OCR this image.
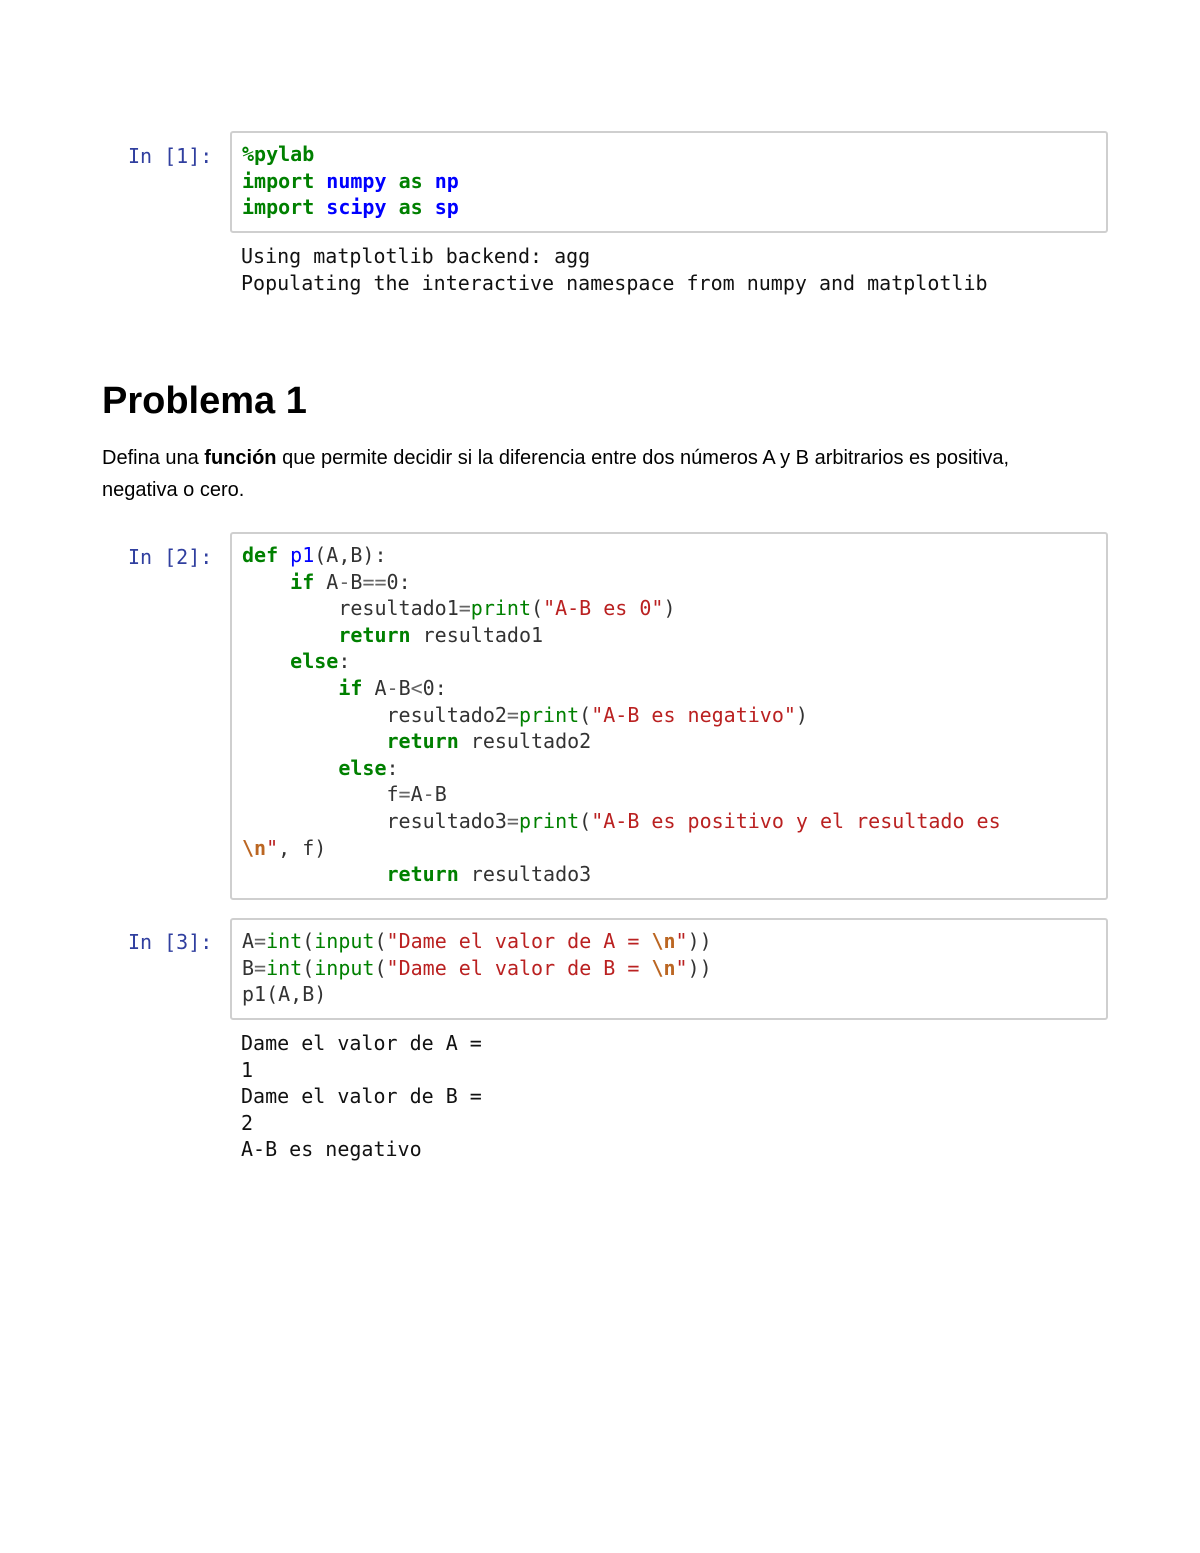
In [1]: %pylab
import numpy as np
import scipy as sp
Using matplotlib backend: agg
Populating the interactive namespace from numpy and matplotlib
Problema 1

Defina una función que permite decidir si la diferencia entre dos números A y B arbitrarios es positiva, negativa o cero.

In [2]: def p1(A,B):
if A-B==0:
resultado1=print("A-B es 0")
return resultado1
else:
if A-B<0:
resultado2=print("A-B es negativo")
return resultado2
else:
f=A-B
resultado3=print("A-B es positivo y el resultado es
\n", f)
return resultado3
In [3]: A=int(input("Dame el valor de A = \n"))
B=int(input("Dame el valor de B = \n"))
p1(A,B)
Dame el valor de A =
1
Dame el valor de B =
2
A-B es negativo
